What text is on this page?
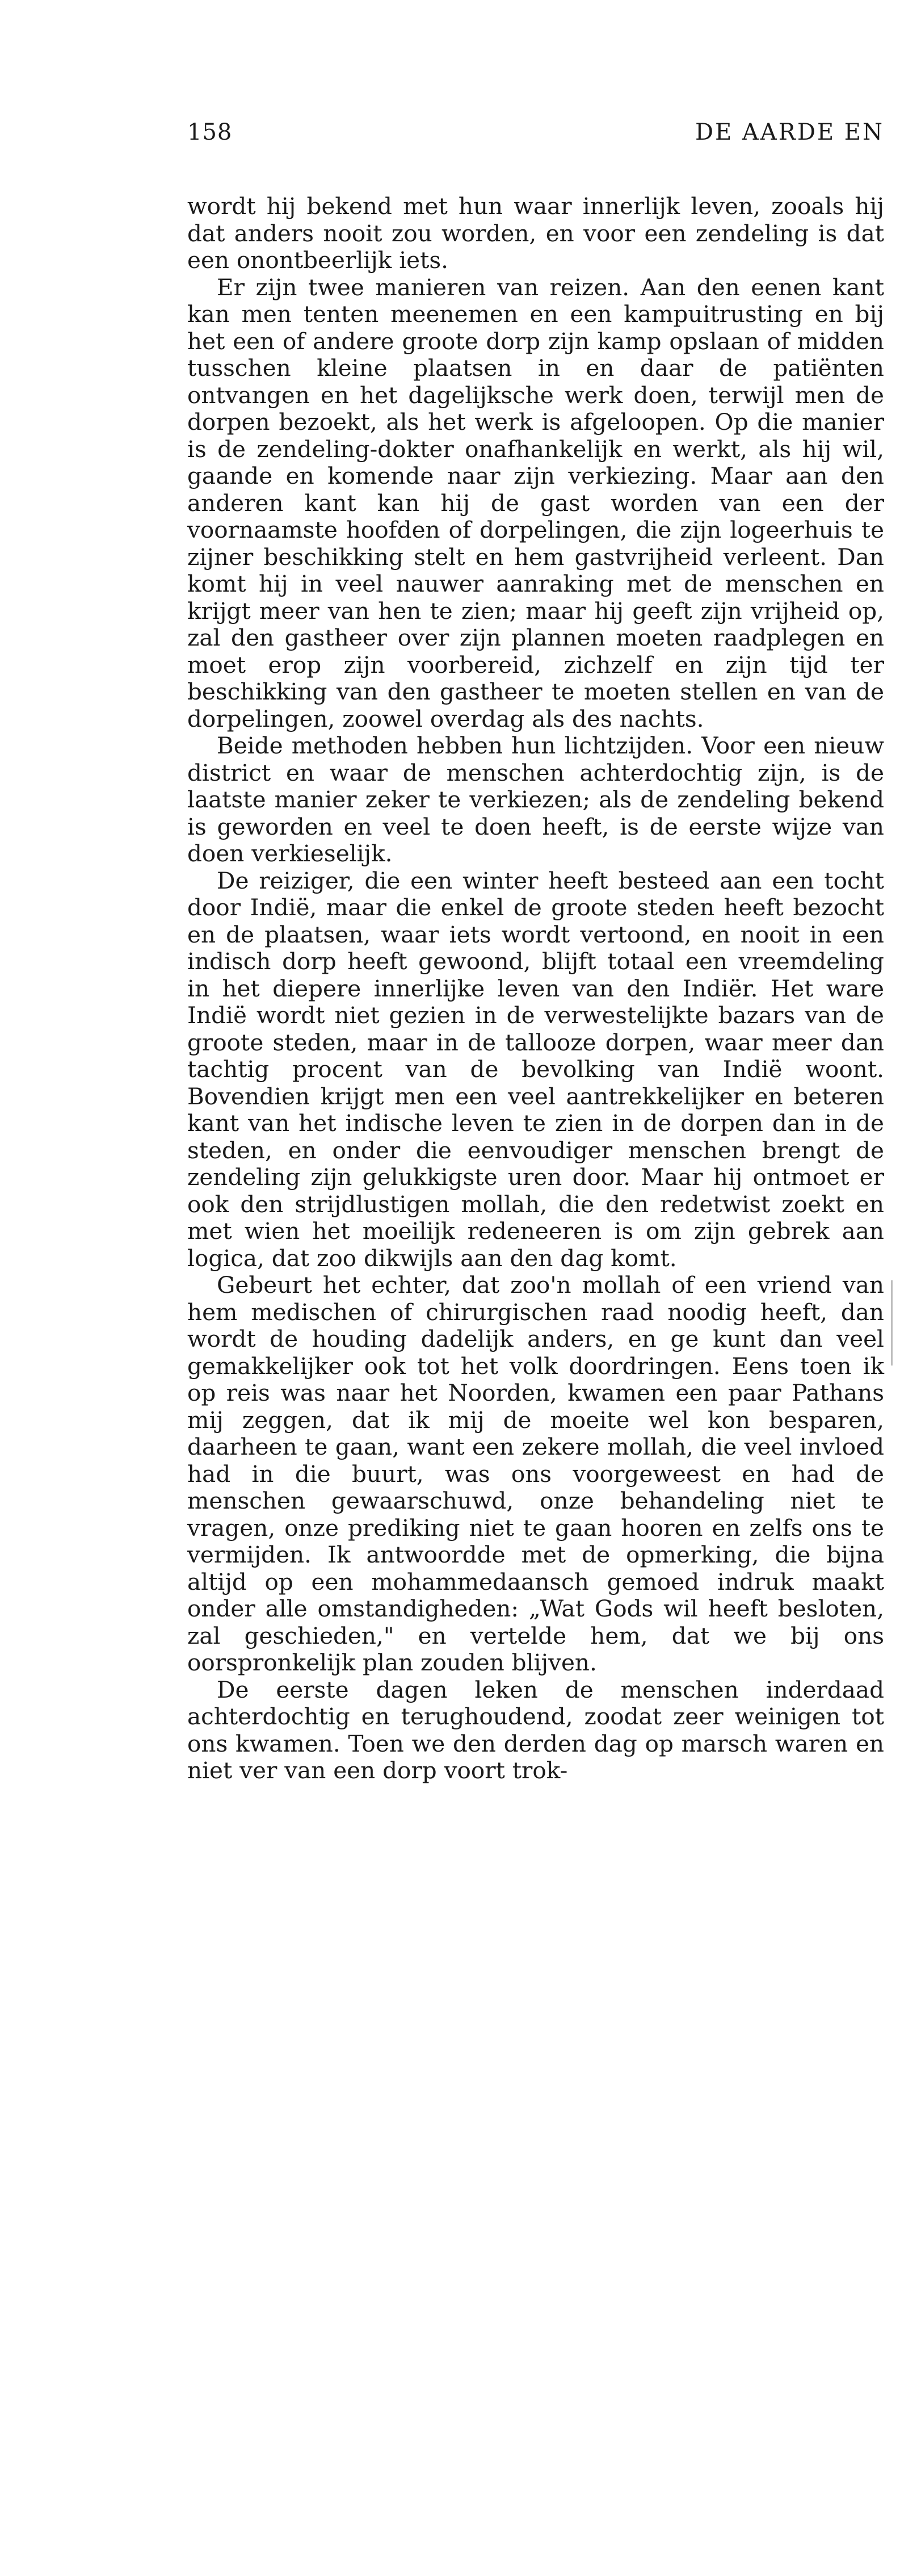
158	DE AARDE EN

wordt hij bekend met hun waar innerlijk leven, zooals hij dat anders nooit zou worden, en voor een zendeling is dat een onontbeerlijk iets.

Er zijn twee manieren van reizen. Aan den eenen kant kan men tenten meenemen en een kampuitrusting en bij het een of andere groote dorp zijn kamp opslaan of midden tusschen kleine plaatsen in en daar de patiënten ontvangen en het dagelijksche werk doen, terwijl men de dorpen bezoekt, als het werk is afgeloopen. Op die manier is de zendeling-dokter onafhankelijk en werkt, als hij wil, gaande en komende naar zijn verkiezing. Maar aan den anderen kant kan hij de gast worden van een der voornaamste hoofden of dorpelingen, die zijn logeerhuis te zijner beschikking stelt en hem gastvrijheid verleent. Dan komt hij in veel nauwer aanraking met de menschen en krijgt meer van hen te zien; maar hij geeft zijn vrijheid op, zal den gastheer over zijn plannen moeten raadplegen en moet erop zijn voorbereid, zichzelf en zijn tijd ter beschikking van den gastheer te moeten stellen en van de dorpelingen, zoowel overdag als des nachts.

Beide methoden hebben hun lichtzijden. Voor een nieuw district en waar de menschen achterdochtig zijn, is de laatste manier zeker te verkiezen; als de zendeling bekend is geworden en veel te doen heeft, is de eerste wijze van doen verkieselijk.

De reiziger, die een winter heeft besteed aan een tocht door Indië, maar die enkel de groote steden heeft bezocht en de plaatsen, waar iets wordt vertoond, en nooit in een indisch dorp heeft gewoond, blijft totaal een vreemdeling in het diepere innerlijke leven van den Indiër. Het ware Indië wordt niet gezien in de verwestelijkte bazars van de groote steden, maar in de tallooze dorpen, waar meer dan tachtig procent van de bevolking van Indië woont. Bovendien krijgt men een veel aantrekkelijker en beteren kant van het indische leven te zien in de dorpen dan in de steden, en onder die eenvoudiger menschen brengt de zendeling zijn gelukkigste uren door. Maar hij ontmoet er ook den strijdlustigen mollah, die den redetwist zoekt en met wien het moeilijk redeneeren is om zijn gebrek aan logica, dat zoo dikwijls aan den dag komt.

Gebeurt het echter, dat zoo'n mollah of een vriend van hem medischen of chirurgischen raad noodig heeft, dan wordt de houding dadelijk anders, en ge kunt dan veel gemakkelijker ook tot het volk doordringen. Eens toen ik op reis was naar het Noorden, kwamen een paar Pathans mij zeggen, dat ik mij de moeite wel kon besparen, daarheen te gaan, want een zekere mollah, die veel invloed had in die buurt, was ons voorgeweest en had de menschen gewaarschuwd, onze behandeling niet te vragen, onze prediking niet te gaan hooren en zelfs ons te vermijden. Ik antwoordde met de opmerking, die bijna altijd op een mohammedaansch gemoed indruk maakt onder alle omstandigheden: „Wat Gods wil heeft besloten, zal geschieden," en vertelde hem, dat we bij ons oorspronkelijk plan zouden blijven.

De eerste dagen leken de menschen inderdaad achterdochtig en terughoudend, zoodat zeer weinigen tot ons kwamen. Toen we den derden dag op marsch waren en niet ver van een dorp voort trok-
